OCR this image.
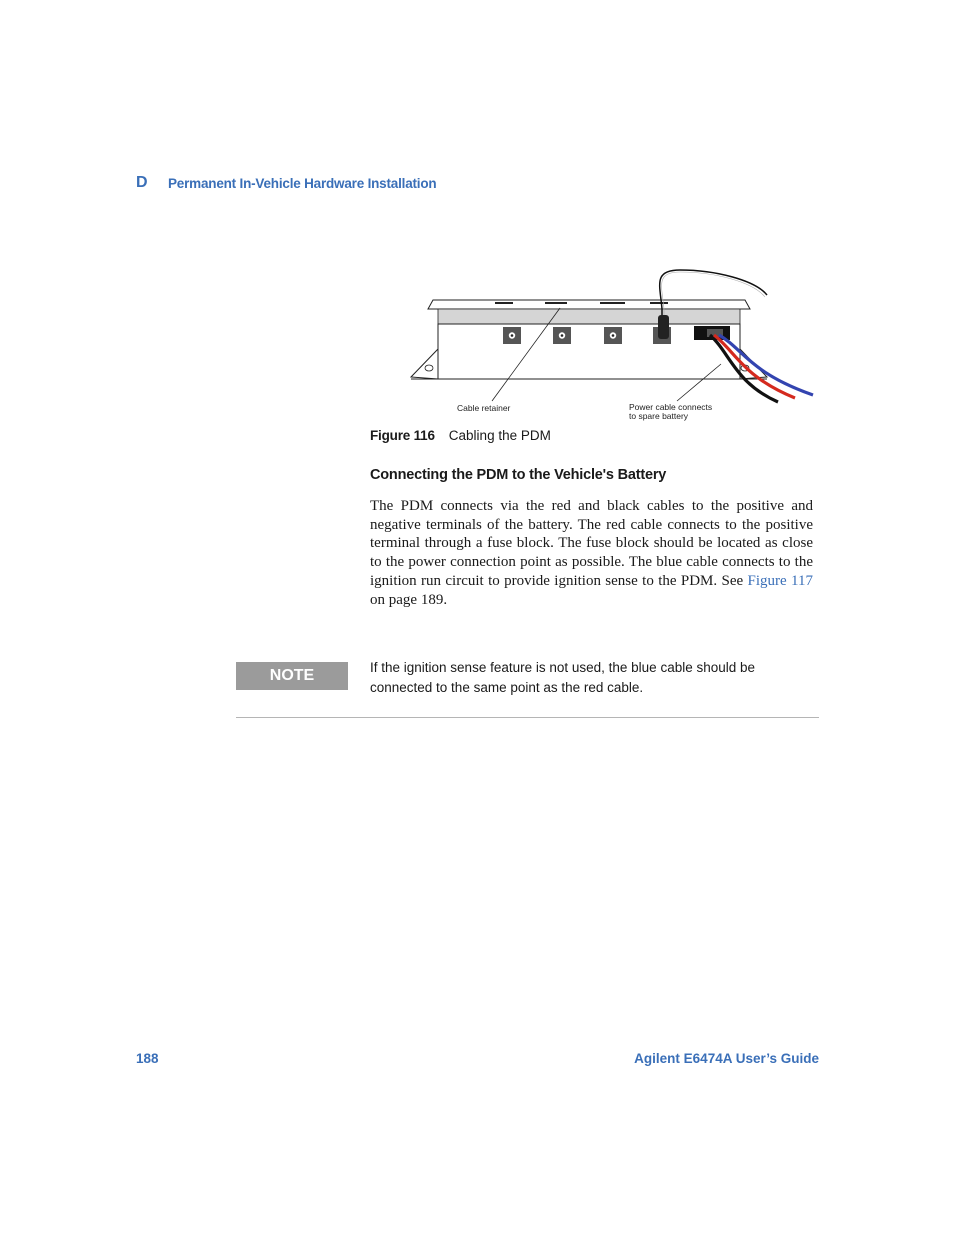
D Permanent In-Vehicle Hardware Installation
Cable retainer	Power cable connects
to spare battery
Figure 116 Cabling the PDM
Connecting the PDM to the Vehicle's Battery

The PDM connects via the red and black cables to the positive and negative terminals of the battery. The red cable connects to the positive terminal through a fuse block. The fuse block should be located as close to the power connection point as possible. The blue cable connects to the ignition run circuit to provide ignition sense to the PDM. See Figure 117 on page 189.

NOTE	If the ignition sense feature is not used, the blue cable should be connected to the same point as the red cable.
188	Agilent E6474A User’s Guide
